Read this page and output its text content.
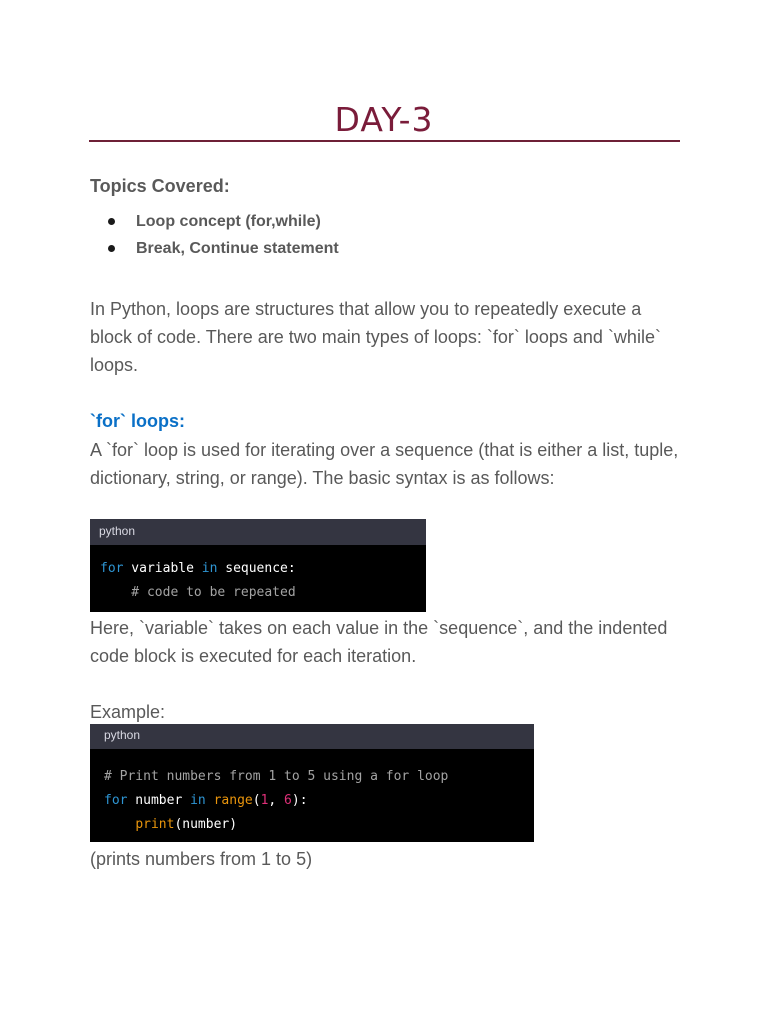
DAY-3
Topics Covered:
Loop concept (for,while)
Break, Continue statement

In Python, loops are structures that allow you to repeatedly execute a block of code. There are two main types of loops: `for` loops and `while` loops.

`for` loops:

A `for` loop is used for iterating over a sequence (that is either a list, tuple, dictionary, string, or range). The basic syntax is as follows:

python
for variable in sequence:
# code to be repeated

Here, `variable` takes on each value in the `sequence`, and the indented code block is executed for each iteration.

Example:

python
# Print numbers from 1 to 5 using a for loop
for number in range(1, 6):
print(number)

(prints numbers from 1 to 5)
